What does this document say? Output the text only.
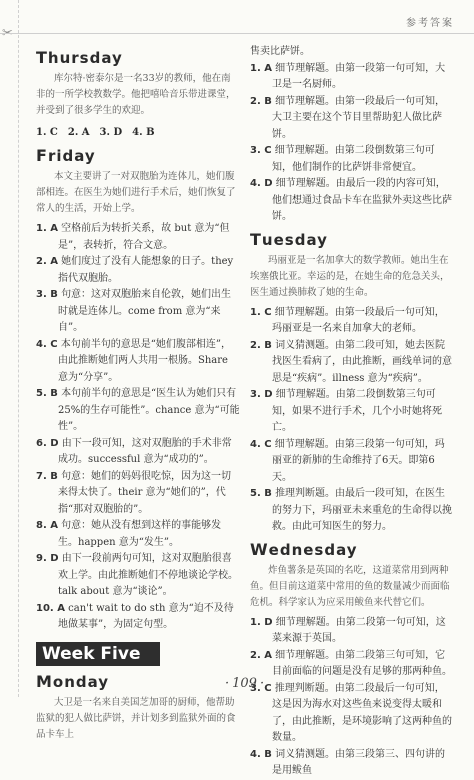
参考答案
Thursday

库尔特·密泰尔是一名33岁的教师，他在南非的一所学校教数学。他把嘻哈音乐带进课堂，并受到了很多学生的欢迎。

1. C　2. A　3. D　4. B

Friday

本文主要讲了一对双胞胎为连体儿，她们腹部相连。在医生为她们进行手术后，她们恢复了常人的生活，开始上学。

1. A 空格前后为转折关系，故 but 意为“但是”，表转折，符合文意。

2. A 她们度过了没有人能想象的日子。they 指代双胞胎。

3. B 句意：这对双胞胎来自伦敦，她们出生时就是连体儿。come from 意为“来自”。

4. C 本句前半句的意思是“她们腹部相连”，由此推断她们两人共用一根肠。Share 意为“分享”。

5. B 本句前半句的意思是“医生认为她们只有25%的生存可能性”。chance 意为“可能性”。

6. D 由下一段可知，这对双胞胎的手术非常成功。successful 意为“成功的”。

7. B 句意：她们的妈妈很吃惊，因为这一切来得太快了。their 意为“她们的”，代指“那对双胞胎的”。

8. A 句意：她从没有想到这样的事能够发生。happen 意为“发生”。

9. D 由下一段前两句可知，这对双胞胎很喜欢上学。由此推断她们不停地谈论学校。talk about 意为“谈论”。

10. A can't wait to do sth 意为“迫不及待地做某事”，为固定句型。

Week Five
Monday

大卫是一名来自美国芝加哥的厨师，他帮助监狱的犯人做比萨饼，并计划多到监狱外面的食品卡车上

售卖比萨饼。

1. A 细节理解题。由第一段第一句可知，大卫是一名厨师。

2. B 细节理解题。由第一段最后一句可知，大卫主要在这个节目里帮助犯人做比萨饼。

3. C 细节理解题。由第二段倒数第三句可知，他们制作的比萨饼非常便宜。

4. D 细节理解题。由最后一段的内容可知，他们想通过食品卡车在监狱外卖这些比萨饼。

Tuesday

玛丽亚是一名加拿大的数学教师。她出生在埃塞俄比亚。幸运的是，在她生命的危急关头，医生通过换肺救了她的生命。

1. C 细节理解题。由第一段最后一句可知，玛丽亚是一名来自加拿大的老师。

2. B 词义猜测题。由第二段可知，她去医院找医生看病了，由此推断，画线单词的意思是“疾病”。illness 意为“疾病”。

3. D 细节理解题。由第二段倒数第三句可知，如果不进行手术，几个小时她将死亡。

4. C 细节理解题。由第三段第一句可知，玛丽亚的新肺的生命维持了6天。即第6天。

5. B 推理判断题。由最后一段可知，在医生的努力下，玛丽亚未来重危的生命得以挽救。由此可知医生的努力。

Wednesday

炸鱼薯条是英国的名吃，这道菜常用到两种鱼。但目前这道菜中常用的鱼的数量减少而面临危机。科学家认为应采用鲅鱼来代替它们。

1. D 细节理解题。由第二段第一句可知，这菜来源于英国。

2. A 细节理解题。由第二段第三句可知，它目前面临的问题是没有足够的那两种鱼。

3. C 推理判断题。由第二段最后一句可知，这是因为海水对这些鱼来说变得太暖和了，由此推断，是环境影响了这两种鱼的数量。

4. B 词义猜测题。由第三段第三、四句讲的是用鲅鱼

· 109 ·
